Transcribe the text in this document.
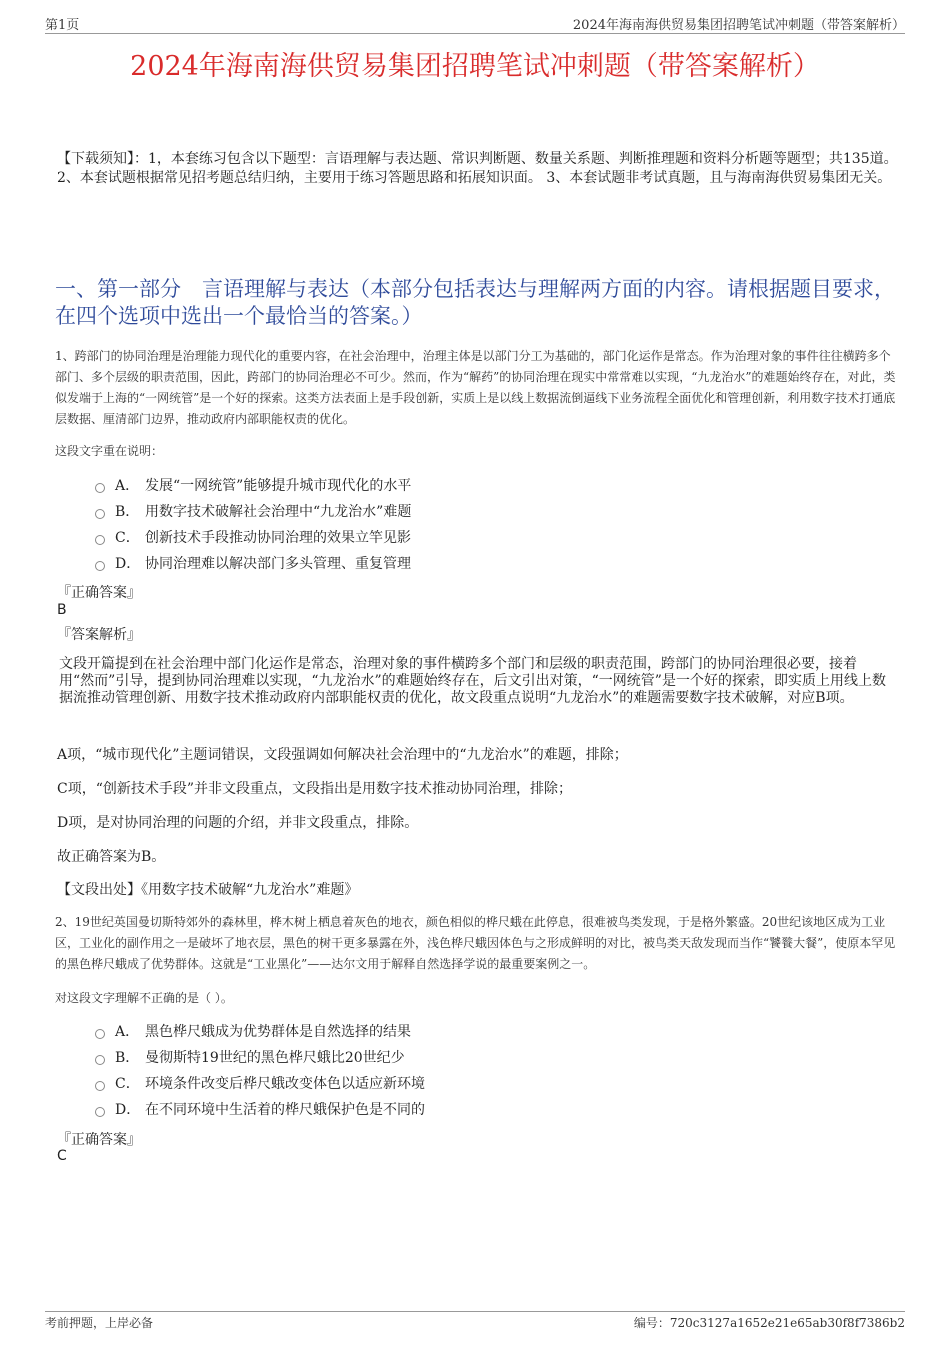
第1页	2024年海南海供贸易集团招聘笔试冲刺题（带答案解析）
2024年海南海供贸易集团招聘笔试冲刺题（带答案解析）
【下载须知】：1，本套练习包含以下题型：言语理解与表达题、常识判断题、数量关系题、判断推理题和资料分析题等题型；共135道。 2、本套试题根据常见招考题总结归纳，主要用于练习答题思路和拓展知识面。 3、本套试题非考试真题，且与海南海供贸易集团无关。
一、第一部分　言语理解与表达（本部分包括表达与理解两方面的内容。请根据题目要求，在四个选项中选出一个最恰当的答案。）
1、跨部门的协同治理是治理能力现代化的重要内容，在社会治理中，治理主体是以部门分工为基础的，部门化运作是常态。作为治理对象的事件往往横跨多个部门、多个层级的职责范围，因此，跨部门的协同治理必不可少。然而，作为“解药”的协同治理在现实中常常难以实现，“九龙治水”的难题始终存在，对此，类似发端于上海的“一网统管”是一个好的探索。这类方法表面上是手段创新，实质上是以线上数据流倒逼线下业务流程全面优化和管理创新，利用数字技术打通底层数据、厘清部门边界，推动政府内部职能权责的优化。
这段文字重在说明：
A． 发展“一网统管”能够提升城市现代化的水平
B． 用数字技术破解社会治理中“九龙治水”难题
C． 创新技术手段推动协同治理的效果立竿见影
D． 协同治理难以解决部门多头管理、重复管理
『正确答案』
B
『答案解析』
文段开篇提到在社会治理中部门化运作是常态，治理对象的事件横跨多个部门和层级的职责范围，跨部门的协同治理很必要，接着用“然而”引导，提到协同治理难以实现，“九龙治水”的难题始终存在，后文引出对策，“一网统管”是一个好的探索，即实质上用线上数据流推动管理创新、用数字技术推动政府内部职能权责的优化，故文段重点说明“九龙治水”的难题需要数字技术破解，对应B项。
A项，“城市现代化”主题词错误，文段强调如何解决社会治理中的“九龙治水”的难题，排除；
C项，“创新技术手段”并非文段重点，文段指出是用数字技术推动协同治理，排除；
D项，是对协同治理的问题的介绍，并非文段重点，排除。
故正确答案为B。
【文段出处】《用数字技术破解“九龙治水”难题》
2、19世纪英国曼切斯特郊外的森林里，桦木树上栖息着灰色的地衣，颜色相似的桦尺蛾在此停息，很难被鸟类发现，于是格外繁盛。20世纪该地区成为工业区，工业化的副作用之一是破坏了地衣层，黑色的树干更多暴露在外，浅色桦尺蛾因体色与之形成鲜明的对比，被鸟类天敌发现而当作“饕餮大餐”，使原本罕见的黑色桦尺蛾成了优势群体。这就是“工业黑化”——达尔文用于解释自然选择学说的最重要案例之一。
对这段文字理解不正确的是（ ）。
A． 黑色桦尺蛾成为优势群体是自然选择的结果
B． 曼彻斯特19世纪的黑色桦尺蛾比20世纪少
C． 环境条件改变后桦尺蛾改变体色以适应新环境
D． 在不同环境中生活着的桦尺蛾保护色是不同的
『正确答案』
C
考前押题，上岸必备	编号：720c3127a1652e21e65ab30f8f7386b2
